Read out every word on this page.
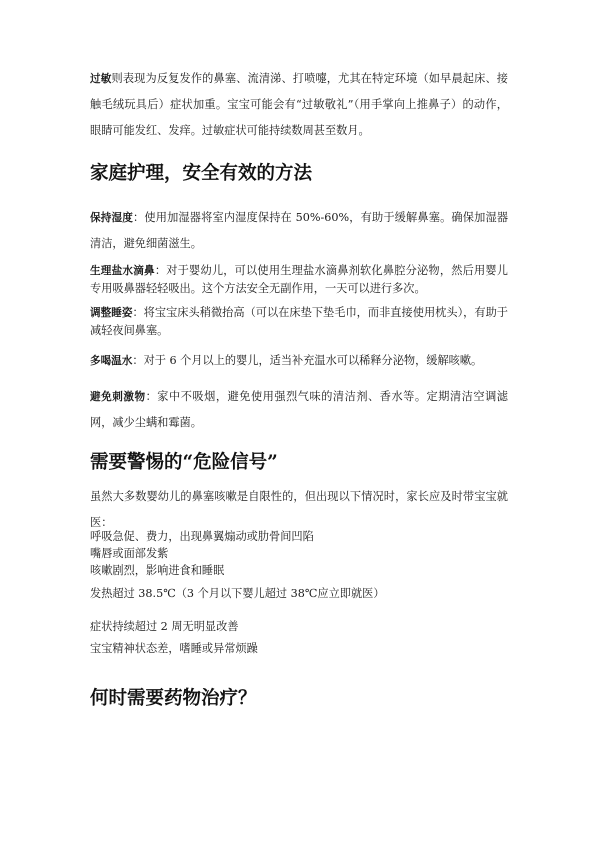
过敏则表现为反复发作的鼻塞、流清涕、打喷嚏，尤其在特定环境（如早晨起床、接触毛绒玩具后）症状加重。宝宝可能会有“过敏敬礼”（用手掌向上推鼻子）的动作，眼睛可能发红、发痒。过敏症状可能持续数周甚至数月。

家庭护理，安全有效的方法

保持湿度：使用加湿器将室内湿度保持在 50%-60%，有助于缓解鼻塞。确保加湿器清洁，避免细菌滋生。

生理盐水滴鼻：对于婴幼儿，可以使用生理盐水滴鼻剂软化鼻腔分泌物，然后用婴儿专用吸鼻器轻轻吸出。这个方法安全无副作用，一天可以进行多次。

调整睡姿：将宝宝床头稍微抬高（可以在床垫下垫毛巾，而非直接使用枕头），有助于减轻夜间鼻塞。

多喝温水：对于 6 个月以上的婴儿，适当补充温水可以稀释分泌物，缓解咳嗽。

避免刺激物：家中不吸烟，避免使用强烈气味的清洁剂、香水等。定期清洁空调滤网，减少尘螨和霉菌。

需要警惕的“危险信号”

虽然大多数婴幼儿的鼻塞咳嗽是自限性的，但出现以下情况时，家长应及时带宝宝就医：

呼吸急促、费力，出现鼻翼煽动或肋骨间凹陷

嘴唇或面部发紫

咳嗽剧烈，影响进食和睡眠

发热超过 38.5℃（3 个月以下婴儿超过 38℃应立即就医）

症状持续超过 2 周无明显改善

宝宝精神状态差，嗜睡或异常烦躁

何时需要药物治疗？
